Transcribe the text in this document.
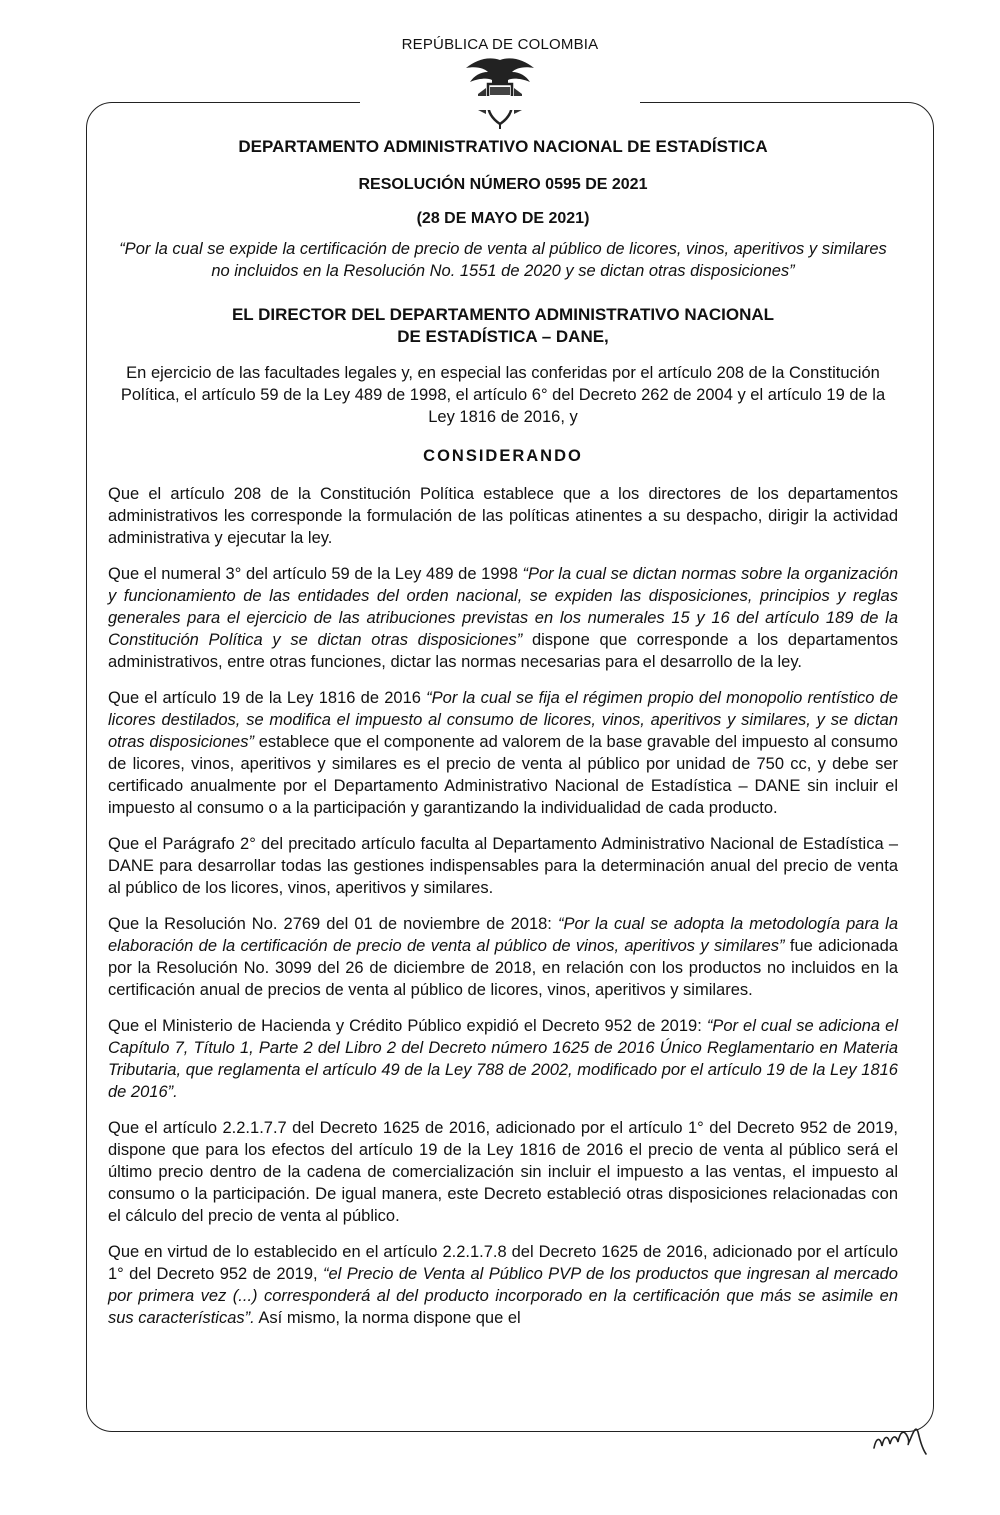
REPÚBLICA DE COLOMBIA

DEPARTAMENTO ADMINISTRATIVO NACIONAL DE ESTADÍSTICA

RESOLUCIÓN NÚMERO 0595 DE 2021

(28 DE MAYO DE 2021)

“Por la cual se expide la certificación de precio de venta al público de licores, vinos, aperitivos y similares no incluidos en la Resolución No. 1551 de 2020 y se dictan otras disposiciones”

EL DIRECTOR DEL DEPARTAMENTO ADMINISTRATIVO NACIONAL
DE ESTADÍSTICA – DANE,

En ejercicio de las facultades legales y, en especial las conferidas por el artículo 208 de la Constitución Política, el artículo 59 de la Ley 489 de 1998, el artículo 6° del Decreto 262 de 2004 y el artículo 19 de la Ley 1816 de 2016, y

CONSIDERANDO

Que el artículo 208 de la Constitución Política establece que a los directores de los departamentos administrativos les corresponde la formulación de las políticas atinentes a su despacho, dirigir la actividad administrativa y ejecutar la ley.

Que el numeral 3° del artículo 59 de la Ley 489 de 1998 “Por la cual se dictan normas sobre la organización y funcionamiento de las entidades del orden nacional, se expiden las disposiciones, principios y reglas generales para el ejercicio de las atribuciones previstas en los numerales 15 y 16 del artículo 189 de la Constitución Política y se dictan otras disposiciones” dispone que corresponde a los departamentos administrativos, entre otras funciones, dictar las normas necesarias para el desarrollo de la ley.

Que el artículo 19 de la Ley 1816 de 2016 “Por la cual se fija el régimen propio del monopolio rentístico de licores destilados, se modifica el impuesto al consumo de licores, vinos, aperitivos y similares, y se dictan otras disposiciones” establece que el componente ad valorem de la base gravable del impuesto al consumo de licores, vinos, aperitivos y similares es el precio de venta al público por unidad de 750 cc, y debe ser certificado anualmente por el Departamento Administrativo Nacional de Estadística – DANE sin incluir el impuesto al consumo o a la participación y garantizando la individualidad de cada producto.

Que el Parágrafo 2° del precitado artículo faculta al Departamento Administrativo Nacional de Estadística – DANE para desarrollar todas las gestiones indispensables para la determinación anual del precio de venta al público de los licores, vinos, aperitivos y similares.

Que la Resolución No. 2769 del 01 de noviembre de 2018: “Por la cual se adopta la metodología para la elaboración de la certificación de precio de venta al público de vinos, aperitivos y similares” fue adicionada por la Resolución No. 3099 del 26 de diciembre de 2018, en relación con los productos no incluidos en la certificación anual de precios de venta al público de licores, vinos, aperitivos y similares.

Que el Ministerio de Hacienda y Crédito Público expidió el Decreto 952 de 2019: “Por el cual se adiciona el Capítulo 7, Título 1, Parte 2 del Libro 2 del Decreto número 1625 de 2016 Único Reglamentario en Materia Tributaria, que reglamenta el artículo 49 de la Ley 788 de 2002, modificado por el artículo 19 de la Ley 1816 de 2016”.

Que el artículo 2.2.1.7.7 del Decreto 1625 de 2016, adicionado por el artículo 1° del Decreto 952 de 2019, dispone que para los efectos del artículo 19 de la Ley 1816 de 2016 el precio de venta al público será el último precio dentro de la cadena de comercialización sin incluir el impuesto a las ventas, el impuesto al consumo o la participación. De igual manera, este Decreto estableció otras disposiciones relacionadas con el cálculo del precio de venta al público.

Que en virtud de lo establecido en el artículo 2.2.1.7.8 del Decreto 1625 de 2016, adicionado por el artículo 1° del Decreto 952 de 2019, “el Precio de Venta al Público PVP de los productos que ingresan al mercado por primera vez (...) corresponderá al del producto incorporado en la certificación que más se asimile en sus características”. Así mismo, la norma dispone que el
